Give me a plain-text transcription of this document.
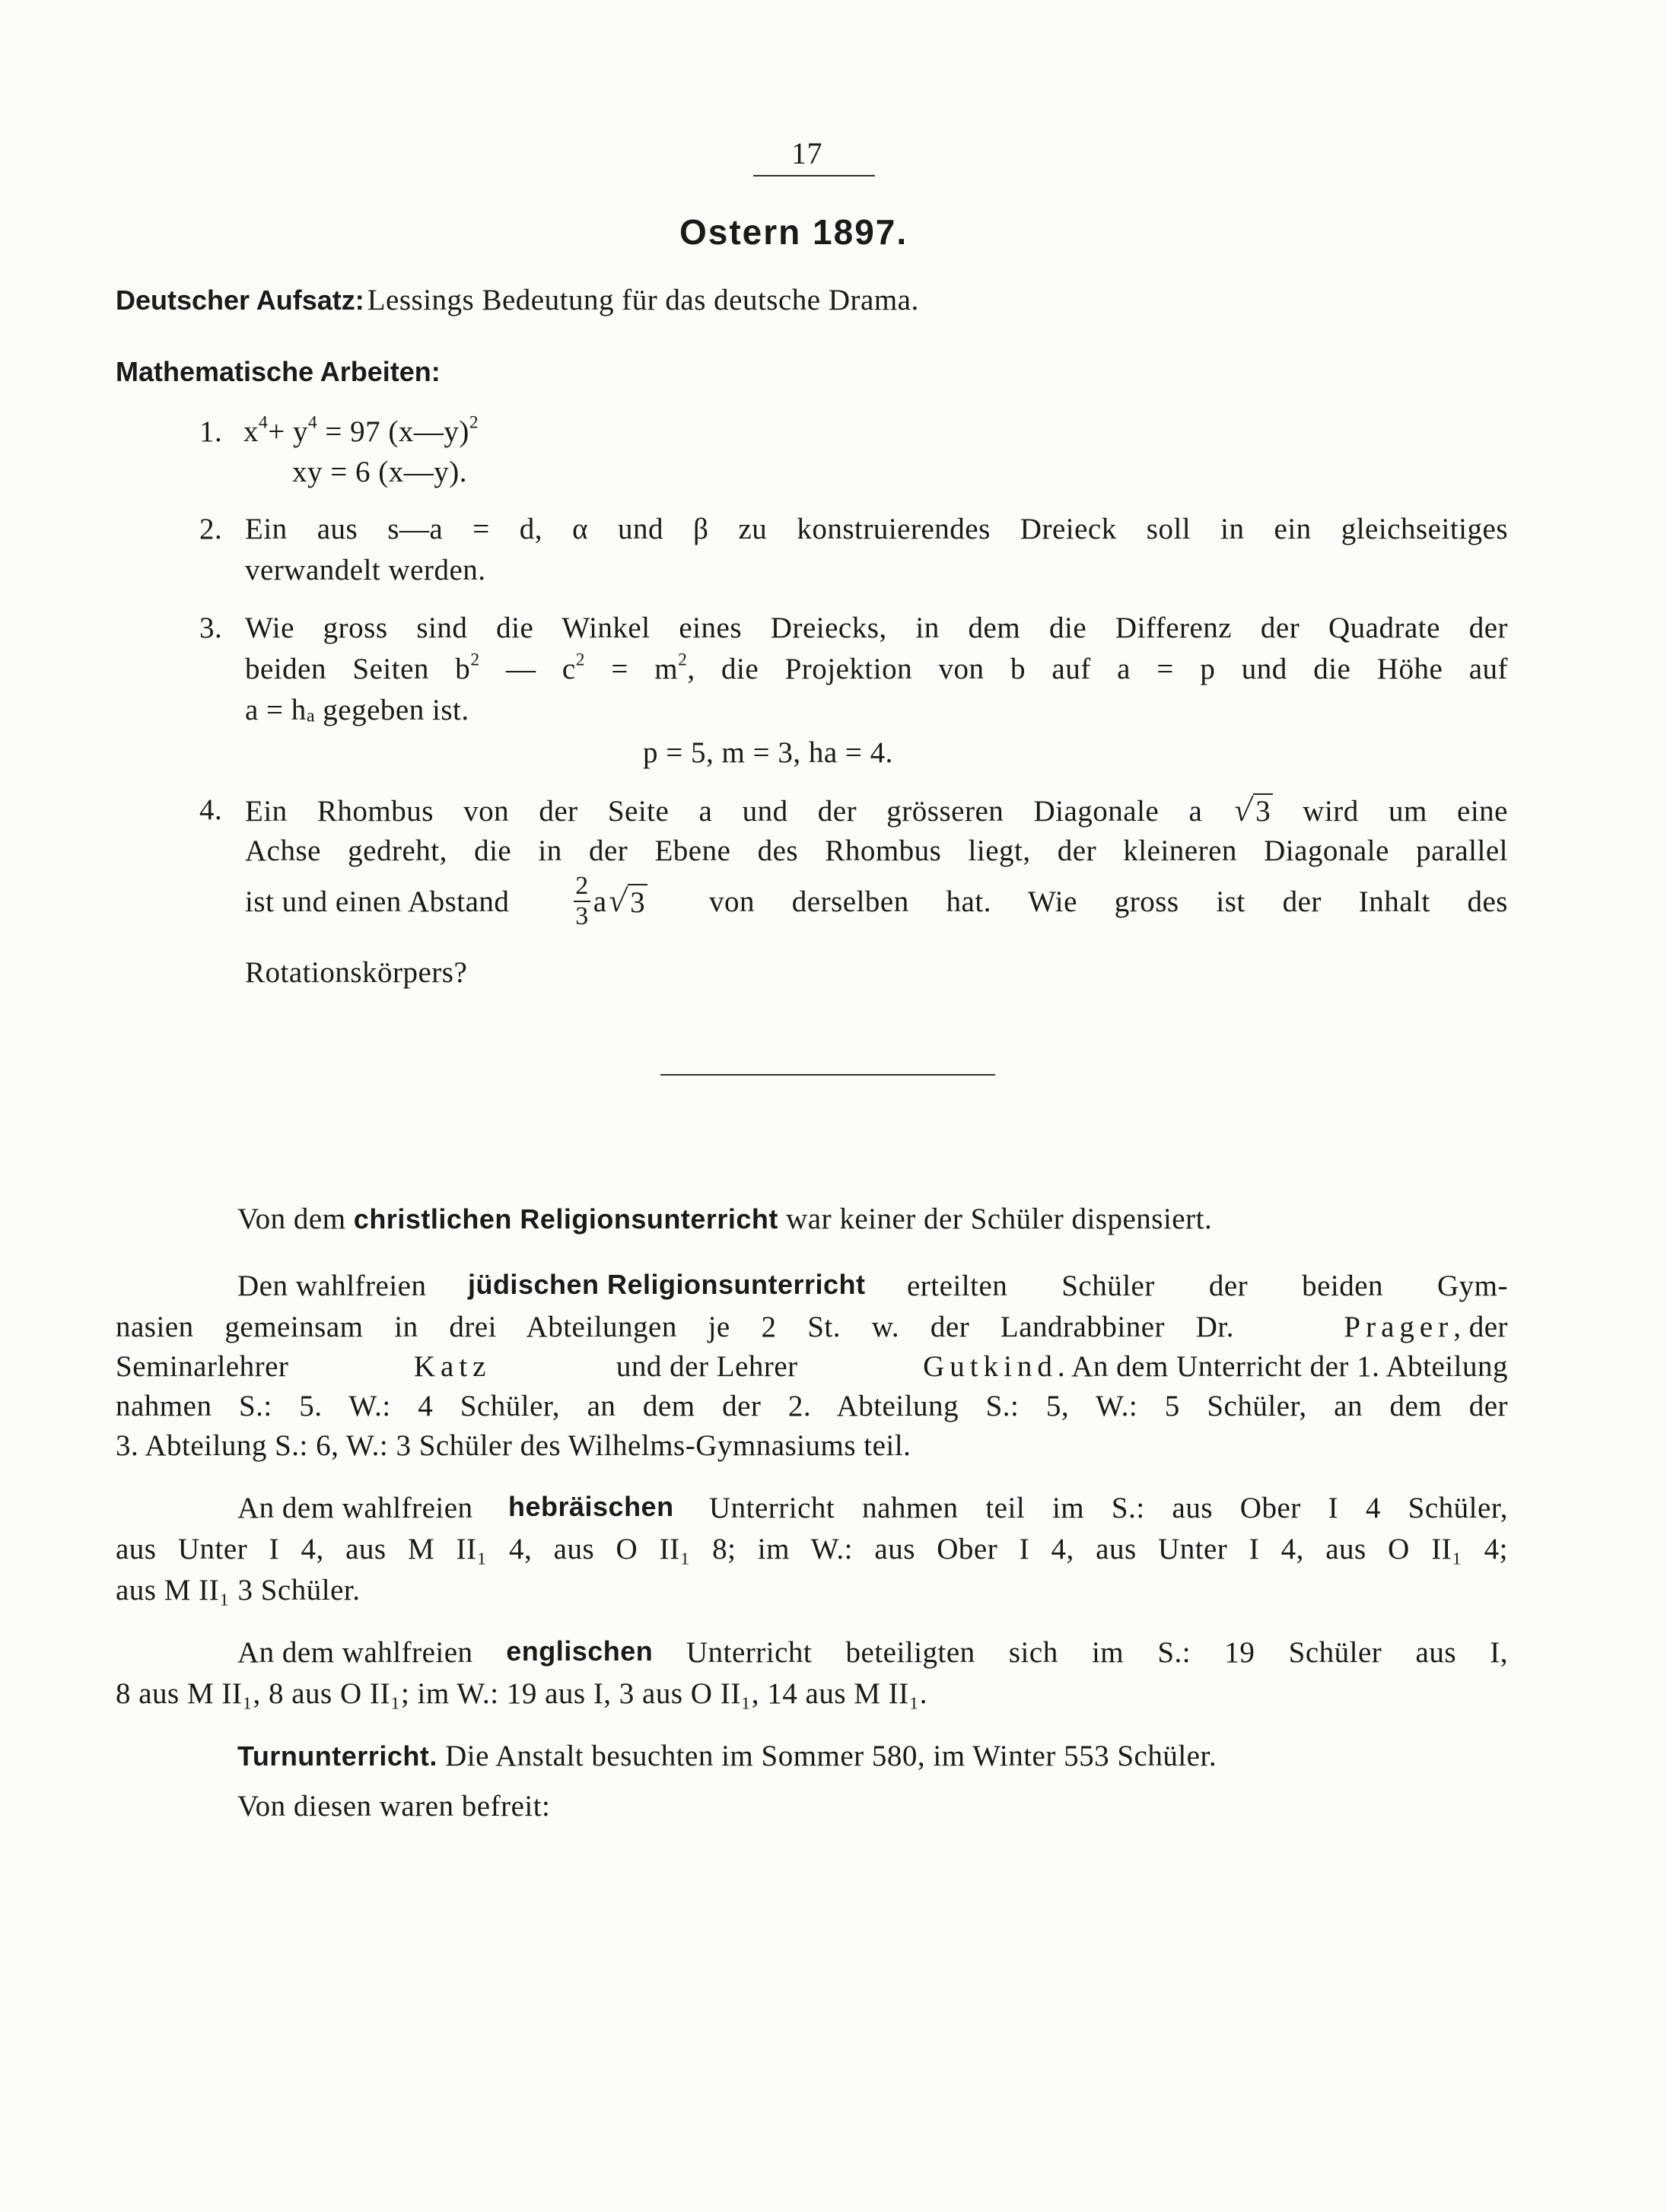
17
Ostern 1897.
Deutscher Aufsatz: Lessings Bedeutung für das deutsche Drama.
Mathematische Arbeiten:
1. $x^4+ y^4 = 97$ (x—y)$^2$
xy = 6 (x—y).
2. Ein aus s—a = d, α und β zu konstruierendes Dreieck soll in ein gleichseitiges
verwandelt werden.
3. Wie gross sind die Winkel eines Dreiecks, in dem die Differenz der Quadrate der
beiden Seiten $b^2$ — $c^2 = m^2$, die Projektion von b auf a = p und die Höhe auf
$a = h_a$ gegeben ist.
p = 5, m = 3, ha = 4.
4. Ein Rhombus von der Seite a und der grösseren Diagonale a √3 wird um eine
Achse gedreht, die in der Ebene des Rhombus liegt, der kleineren Diagonale parallel
ist und einen Abstand $\frac{2}{3}$ a
√ 3 von derselben hat. Wie gross ist der Inhalt des
Rotationskörpers?
Von dem christlichen Religionsunterricht war keiner der Schüler dispensiert.
Den wahlfreien jüdischen Religionsunterricht erteilten Schüler der beiden Gym-
nasien gemeinsam in drei Abteilungen je 2 St. w. der Landrabbiner Dr.	Prager, der
Seminarlehrer	Katz	und der Lehrer	Gutkind. An dem Unterricht der 1. Abteilung
nahmen S.: 5. W.: 4 Schüler, an dem der 2. Abteilung S.: 5, W.: 5 Schüler, an dem der
3. Abteilung S.: 6, W.: 3 Schüler des Wilhelms-Gymnasiums teil.
An dem wahlfreien hebräischen Unterricht nahmen teil im S.: aus Ober I 4 Schüler,
aus Unter I 4, aus M II₁ 4, aus O II₁ 8; im W.: aus Ober I 4, aus Unter I 4, aus O II₁ 4;
aus M II₁ 3 Schüler.
An dem wahlfreien englischen Unterricht beteiligten sich im S.: 19 Schüler aus I,
8 aus M II₁, 8 aus O II₁; im W.: 19 aus I, 3 aus O II₁, 14 aus M II₁.
Turnunterricht. Die Anstalt besuchten im Sommer 580, im Winter 553 Schüler.
Von diesen waren befreit:
